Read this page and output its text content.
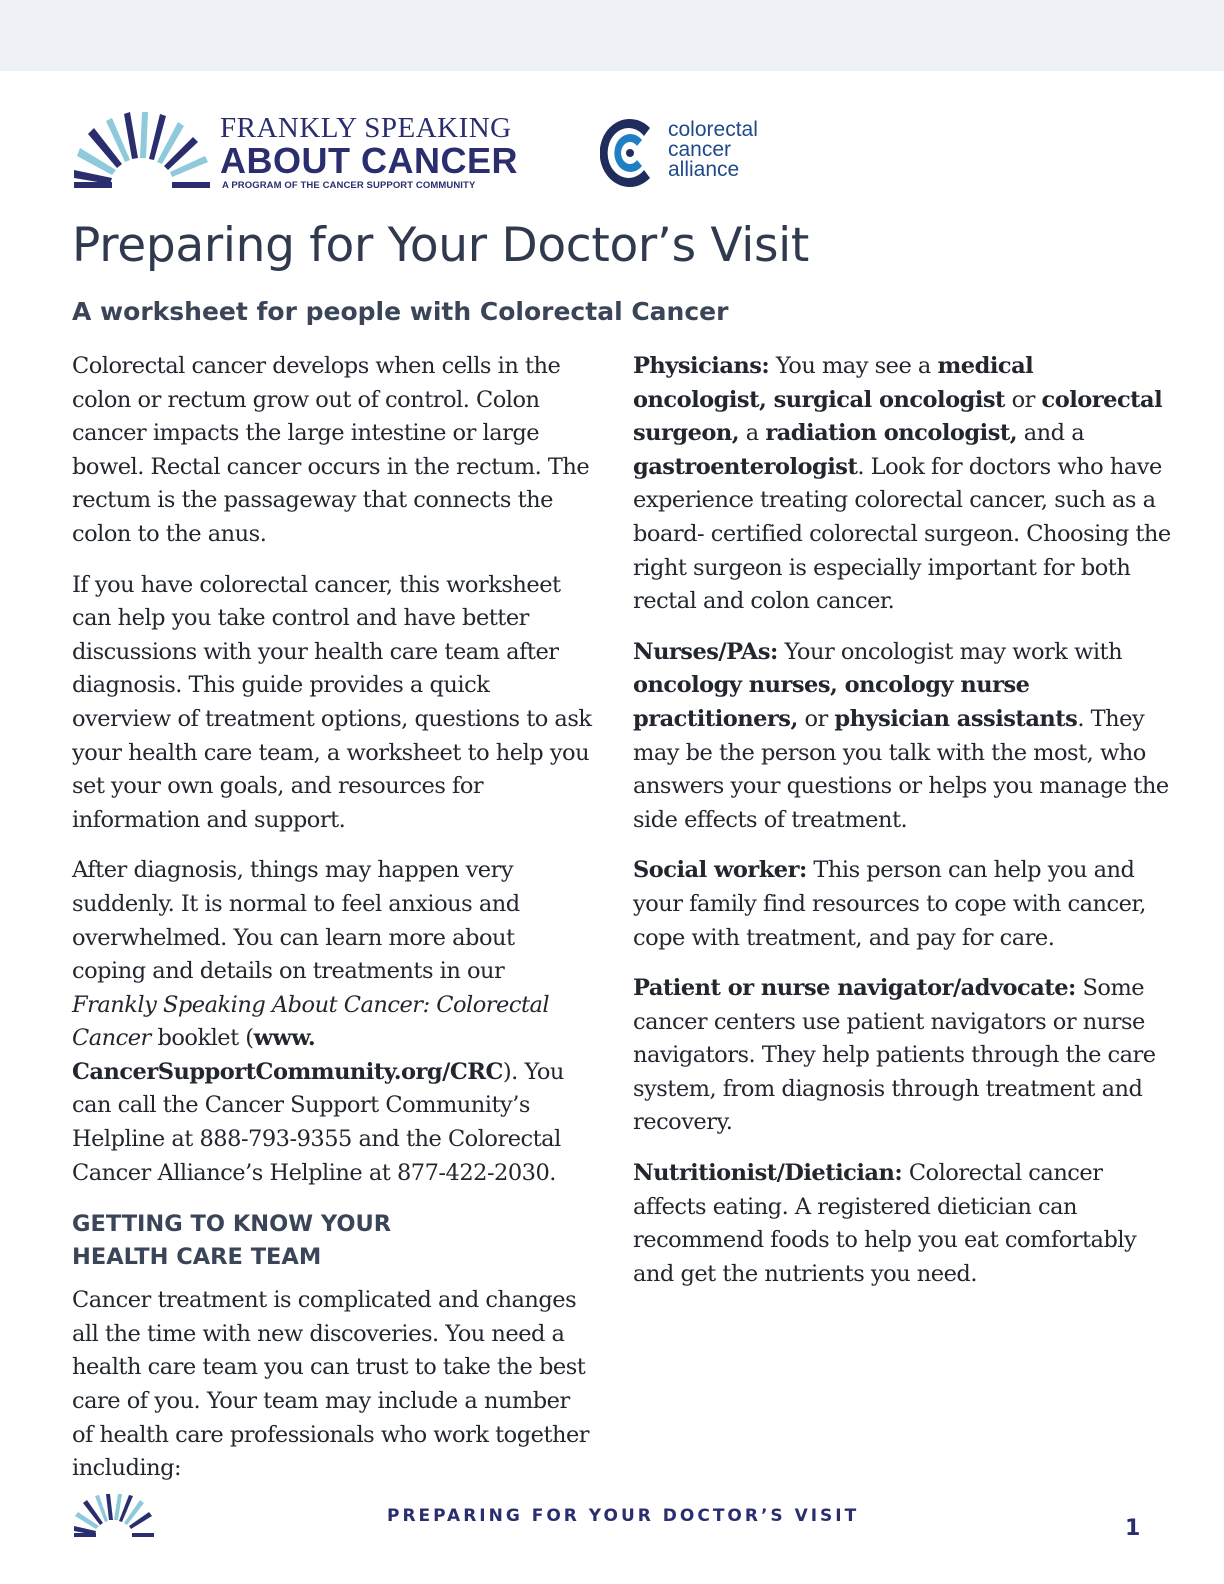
FRANKLY SPEAKING
ABOUT CANCER
A PROGRAM OF THE CANCER SUPPORT COMMUNITY
colorectal
cancer
alliance
Preparing for Your Doctor’s Visit
A worksheet for people with Colorectal Cancer

Colorectal cancer develops when cells in the colon or rectum grow out of control. Colon cancer impacts the large intestine or large bowel. Rectal cancer occurs in the rectum. The rectum is the passageway that connects the colon to the anus.

If you have colorectal cancer, this worksheet can help you take control and have better discussions with your health care team after diagnosis. This guide provides a quick overview of treatment options, questions to ask your health care team, a worksheet to help you set your own goals, and resources for information and support.

After diagnosis, things may happen very suddenly. It is normal to feel anxious and overwhelmed. You can learn more about coping and details on treatments in our Frankly Speaking About Cancer: Colorectal Cancer booklet (www. CancerSupportCommunity.org/CRC). You can call the Cancer Support Community’s Helpline at 888-793-9355 and the Colorectal Cancer Alliance’s Helpline at 877-422-2030.

GETTING TO KNOW YOUR
HEALTH CARE TEAM

Cancer treatment is complicated and changes all the time with new discoveries. You need a health care team you can trust to take the best care of you. Your team may include a number of health care professionals who work together including:

Physicians: You may see a medical oncologist, surgical oncologist or colorectal surgeon, a radiation oncologist, and a gastroenterologist. Look for doctors who have experience treating colorectal cancer, such as a board- certified colorectal surgeon. Choosing the right surgeon is especially important for both rectal and colon cancer.

Nurses/PAs: Your oncologist may work with oncology nurses, oncology nurse practitioners, or physician assistants. They may be the person you talk with the most, who answers your questions or helps you manage the side effects of treatment.

Social worker: This person can help you and your family find resources to cope with cancer, cope with treatment, and pay for care.

Patient or nurse navigator/advocate: Some cancer centers use patient navigators or nurse navigators. They help patients through the care system, from diagnosis through treatment and recovery.

Nutritionist/Dietician: Colorectal cancer affects eating. A registered dietician can recommend foods to help you eat comfortably and get the nutrients you need.

PREPARING FOR YOUR DOCTOR’S VISIT	1
